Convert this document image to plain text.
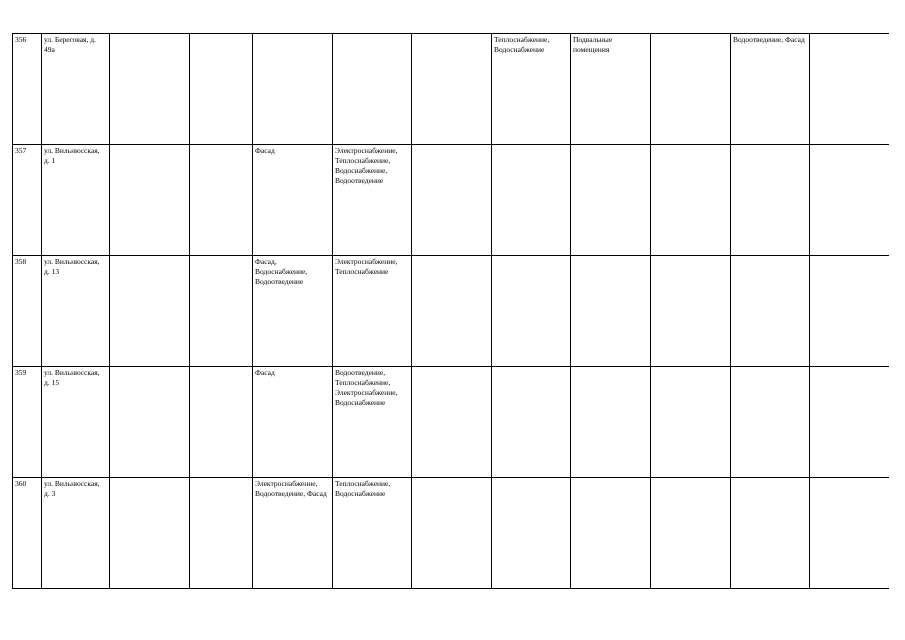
356	ул. Береговая, д. 49а						Теплоснабжение, Водоснабжение	Подвальные помещения		Водоотведение, Фасад	
357	ул. Вильнюсская, д. 1			Фасад	Электроснабжение, Теплоснабжение, Водоснабжение, Водоотведение						
358	ул. Вильнюсская, д. 13			Фасад, Водоснабжение, Водоотведение	Электроснабжение, Теплоснабжение						
359	ул. Вильнюсская, д. 15			Фасад	Водоотведение, Теплоснабжение, Электроснабжение, Водоснабжение						
360	ул. Вильнюсская, д. 3			Электроснабжение, Водоотведение, Фасад	Теплоснабжение, Водоснабжение						
